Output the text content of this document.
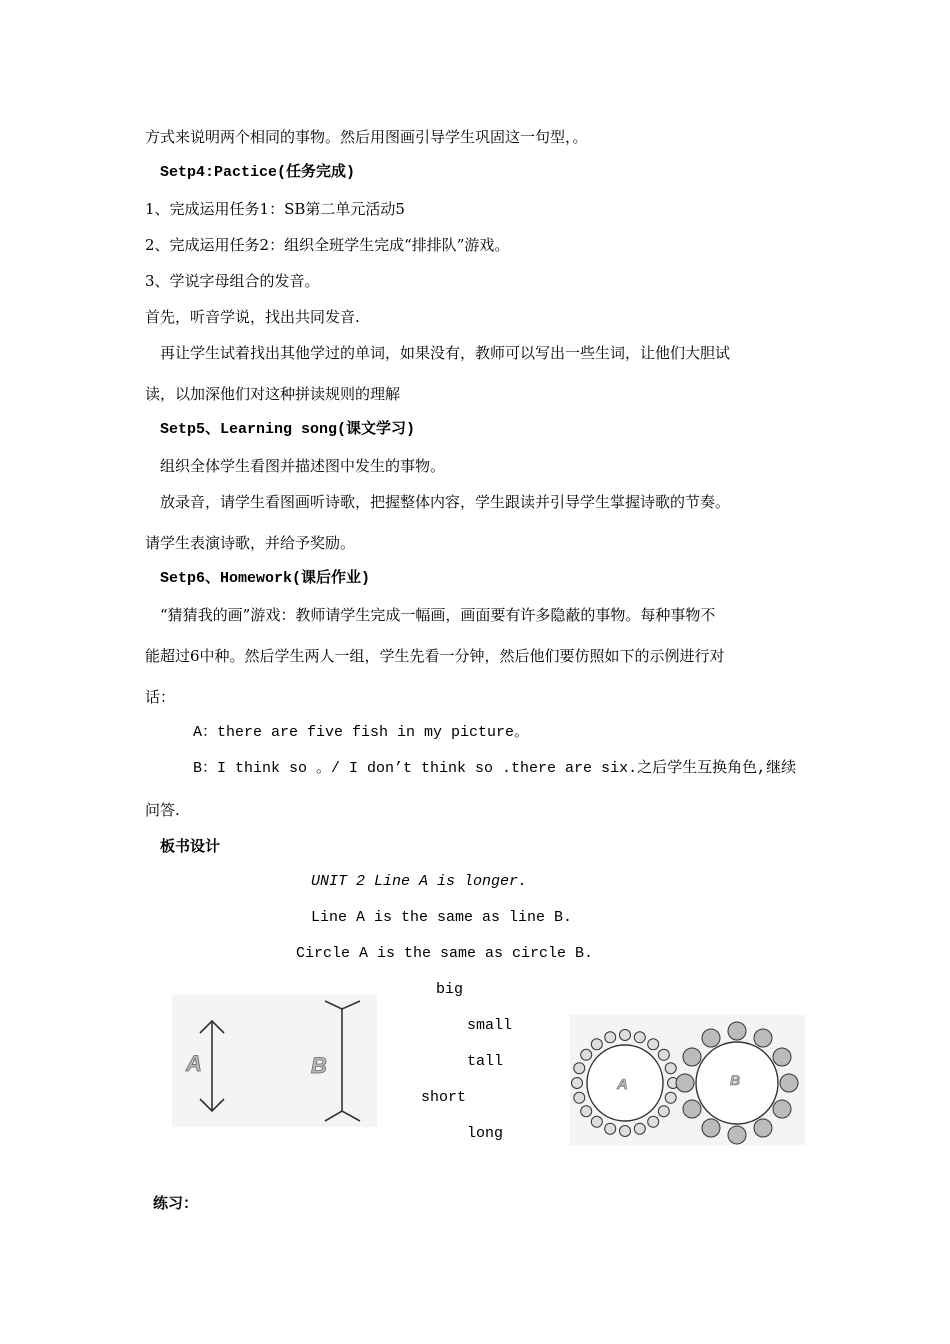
方式来说明两个相同的事物。然后用图画引导学生巩固这一句型，。
Setp4:Pactice(任务完成)
1、完成运用任务1：SB第二单元活动5
2、完成运用任务2：组织全班学生完成“排排队”游戏。
3、学说字母组合的发音。
首先，听音学说，找出共同发音.
再让学生试着找出其他学过的单词，如果没有，教师可以写出一些生词，让他们大胆试
读，以加深他们对这种拼读规则的理解
Setp5、Learning song(课文学习)
组织全体学生看图并描述图中发生的事物。
放录音，请学生看图画听诗歌，把握整体内容，学生跟读并引导学生掌握诗歌的节奏。
请学生表演诗歌，并给予奖励。
Setp6、Homework(课后作业)
“猜猜我的画”游戏：教师请学生完成一幅画，画面要有许多隐蔽的事物。每种事物不
能超过6中种。然后学生两人一组，学生先看一分钟，然后他们要仿照如下的示例进行对
话：
A：there are five fish in my picture。
B：I think so 。/ I don’t think so .there are six.之后学生互换角色,继续
问答.
板书设计
UNIT 2 Line A is longer.
Line A is the same as line B.
Circle A is the same as circle B.
big
small
tall
short
long
A	B
A	B
练习：
